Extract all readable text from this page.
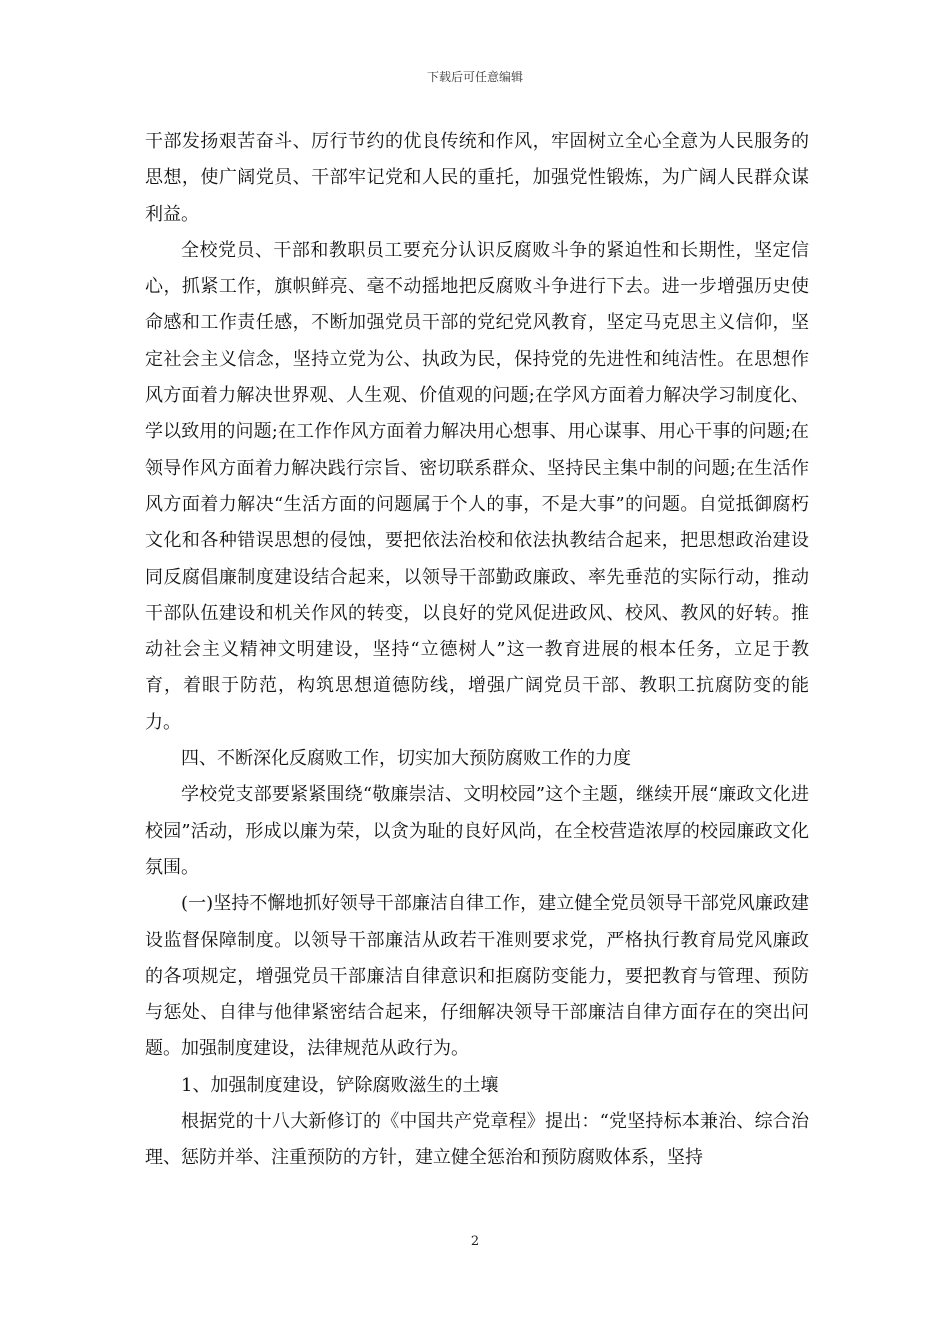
下载后可任意编辑

干部发扬艰苦奋斗、厉行节约的优良传统和作风，牢固树立全心全意为人民服务的思想，使广阔党员、干部牢记党和人民的重托，加强党性锻炼，为广阔人民群众谋利益。

全校党员、干部和教职员工要充分认识反腐败斗争的紧迫性和长期性，坚定信心，抓紧工作，旗帜鲜亮、毫不动摇地把反腐败斗争进行下去。进一步增强历史使命感和工作责任感，不断加强党员干部的党纪党风教育，坚定马克思主义信仰，坚定社会主义信念，坚持立党为公、执政为民，保持党的先进性和纯洁性。在思想作风方面着力解决世界观、人生观、价值观的问题;在学风方面着力解决学习制度化、学以致用的问题;在工作作风方面着力解决用心想事、用心谋事、用心干事的问题;在领导作风方面着力解决践行宗旨、密切联系群众、坚持民主集中制的问题;在生活作风方面着力解决“生活方面的问题属于个人的事，不是大事”的问题。自觉抵御腐朽文化和各种错误思想的侵蚀，要把依法治校和依法执教结合起来，把思想政治建设同反腐倡廉制度建设结合起来，以领导干部勤政廉政、率先垂范的实际行动，推动干部队伍建设和机关作风的转变，以良好的党风促进政风、校风、教风的好转。推动社会主义精神文明建设，坚持“立德树人”这一教育进展的根本任务，立足于教育，着眼于防范，构筑思想道德防线，增强广阔党员干部、教职工抗腐防变的能力。

四、不断深化反腐败工作，切实加大预防腐败工作的力度

学校党支部要紧紧围绕“敬廉崇洁、文明校园”这个主题，继续开展“廉政文化进校园”活动，形成以廉为荣，以贪为耻的良好风尚，在全校营造浓厚的校园廉政文化氛围。

(一)坚持不懈地抓好领导干部廉洁自律工作，建立健全党员领导干部党风廉政建设监督保障制度。以领导干部廉洁从政若干准则要求党，严格执行教育局党风廉政的各项规定，增强党员干部廉洁自律意识和拒腐防变能力，要把教育与管理、预防与惩处、自律与他律紧密结合起来，仔细解决领导干部廉洁自律方面存在的突出问题。加强制度建设，法律规范从政行为。

1、加强制度建设，铲除腐败滋生的土壤

根据党的十八大新修订的《中国共产党章程》提出：“党坚持标本兼治、综合治理、惩防并举、注重预防的方针，建立健全惩治和预防腐败体系，坚持

2
